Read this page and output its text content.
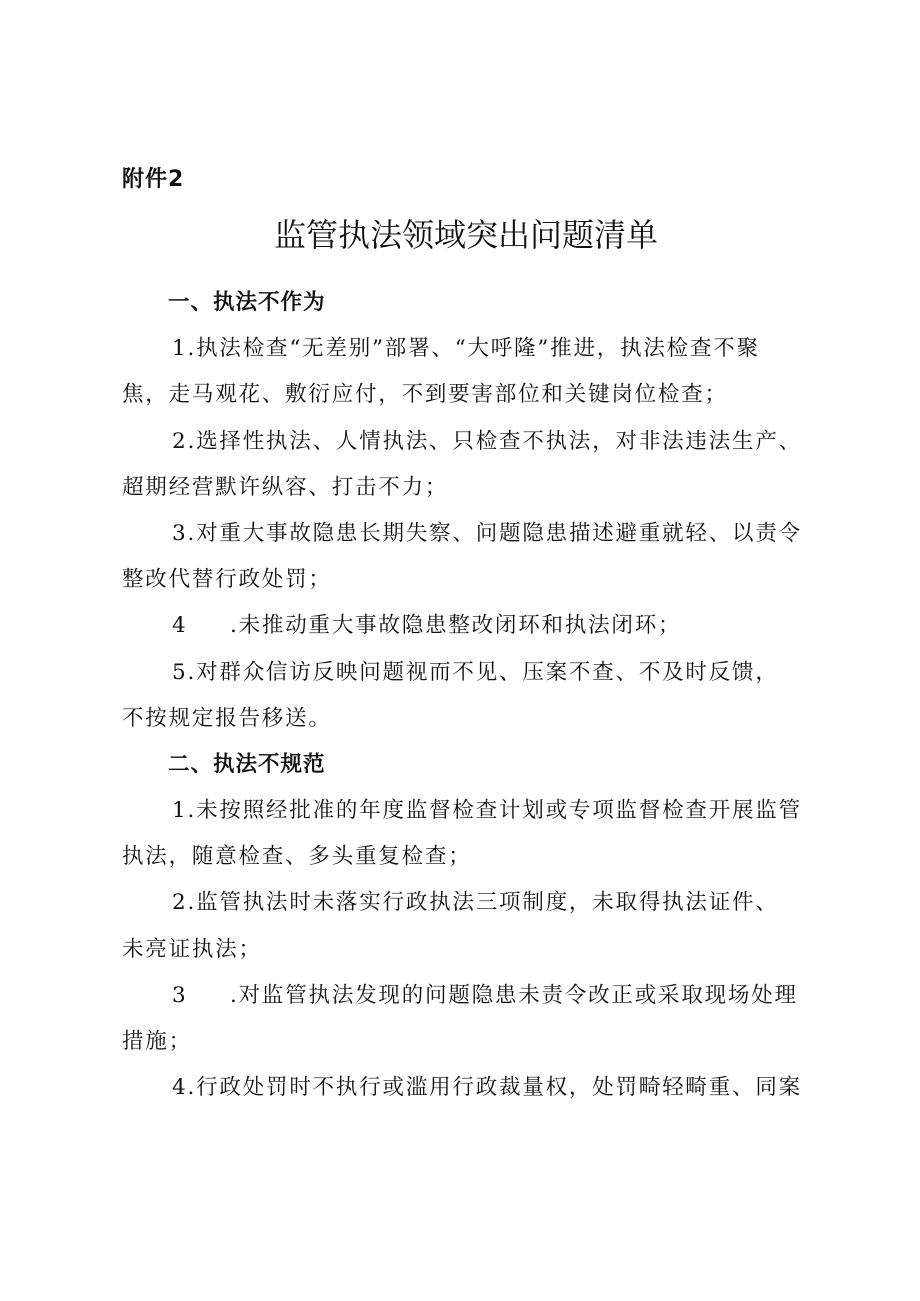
附件2
监管执法领域突出问题清单
一、执法不作为
1.执法检查“无差别”部署、“大呼隆”推进，执法检查不聚
焦，走马观花、敷衍应付，不到要害部位和关键岗位检查；
2.选择性执法、人情执法、只检查不执法，对非法违法生产、
超期经营默许纵容、打击不力；
3.对重大事故隐患长期失察、问题隐患描述避重就轻、以责令
整改代替行政处罚；
4 .未推动重大事故隐患整改闭环和执法闭环；
5.对群众信访反映问题视而不见、压案不查、不及时反馈，
不按规定报告移送。
二、执法不规范
1.未按照经批准的年度监督检查计划或专项监督检查开展监管
执法，随意检查、多头重复检查；
2.监管执法时未落实行政执法三项制度，未取得执法证件、
未亮证执法；
3 .对监管执法发现的问题隐患未责令改正或采取现场处理
措施；
4.行政处罚时不执行或滥用行政裁量权，处罚畸轻畸重、同案
